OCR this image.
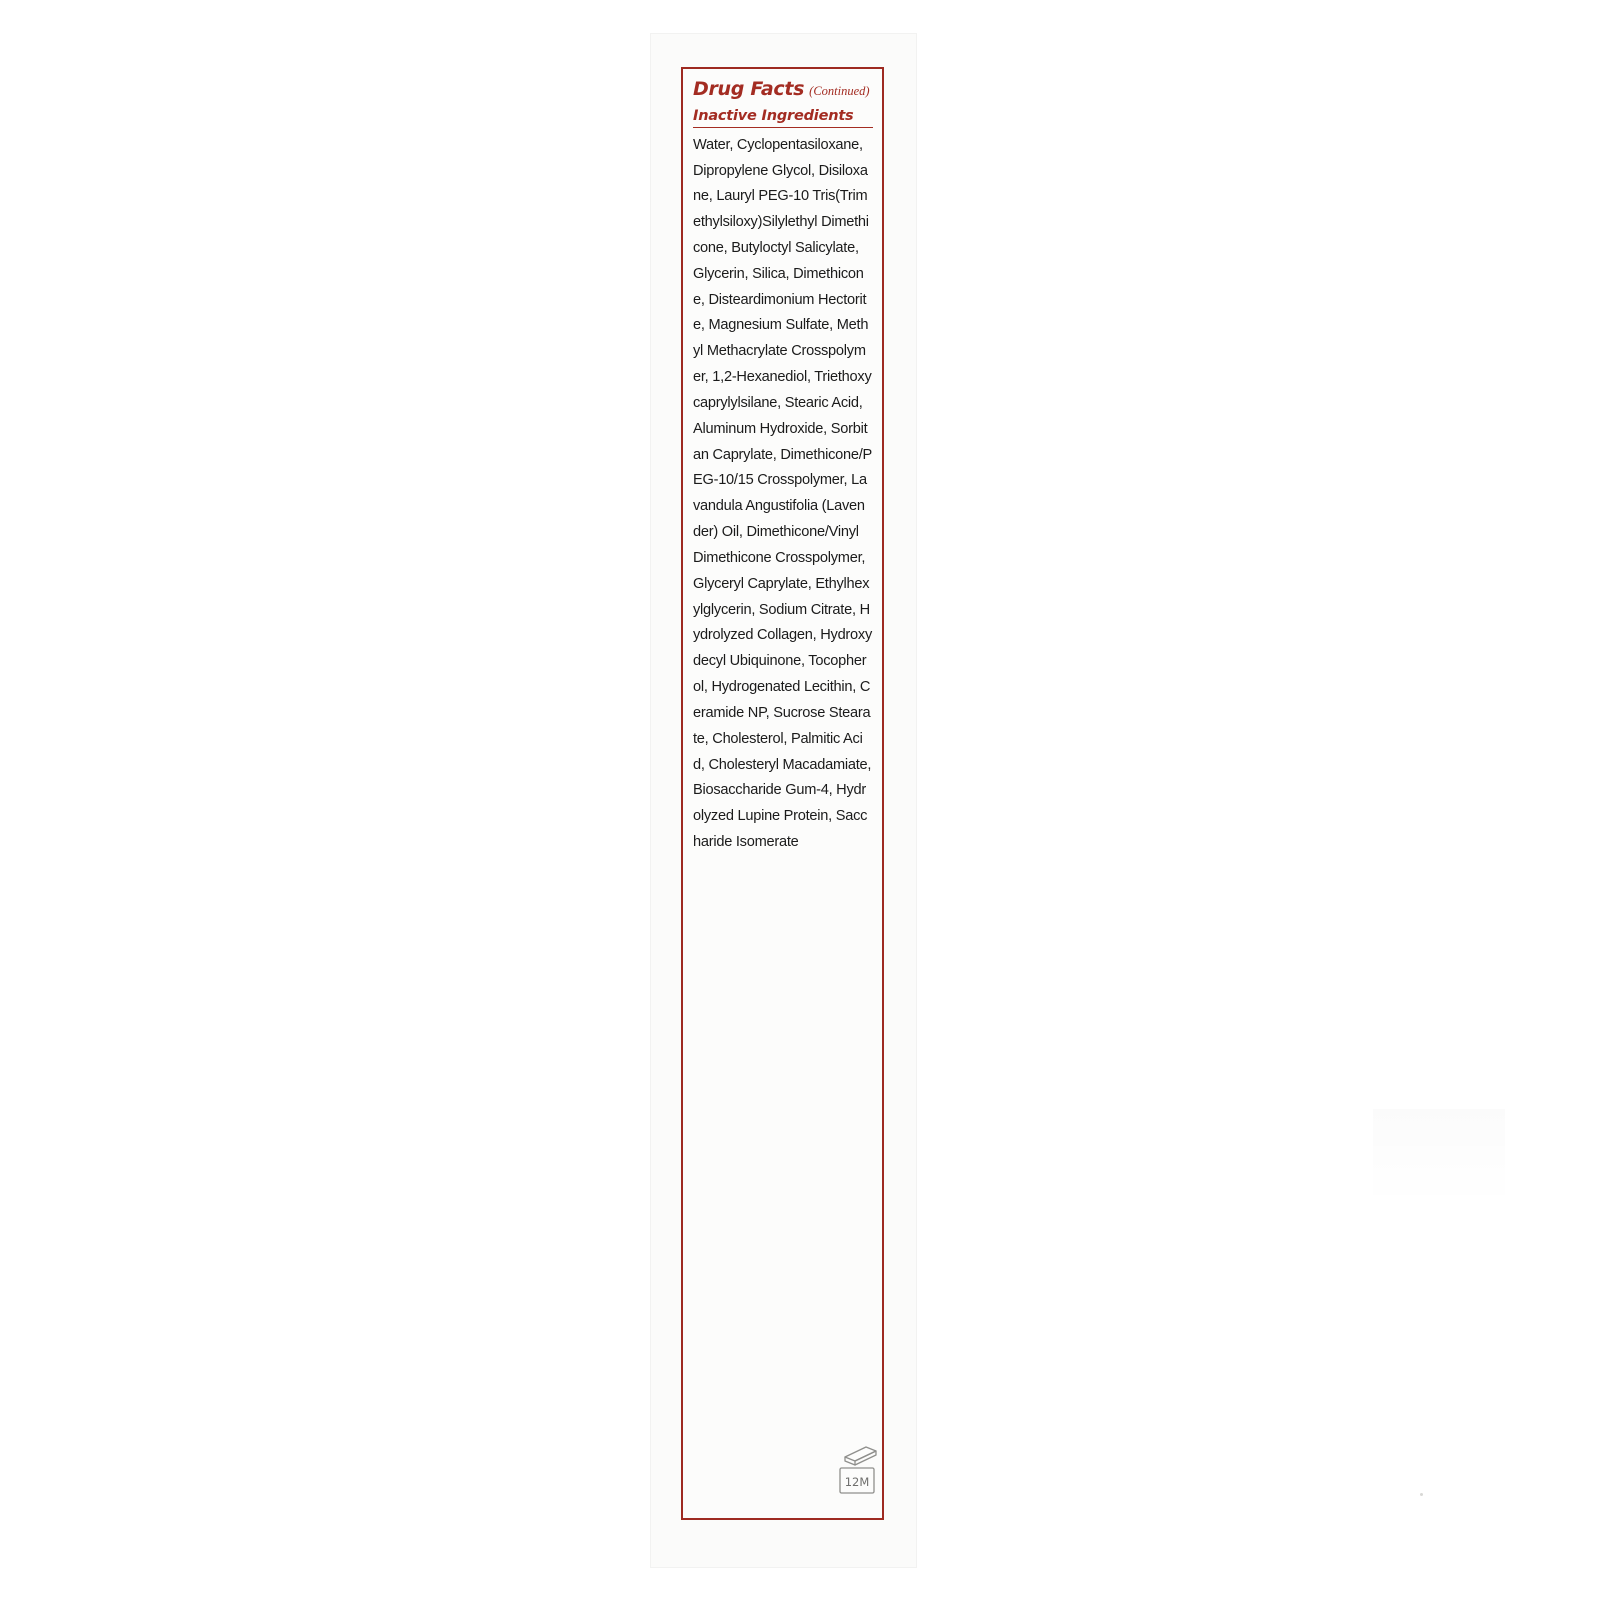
Drug Facts (Continued)
Inactive Ingredients
Water, Cyclopentasiloxane, Dipropylene Glycol, Disiloxane, Lauryl PEG-10 Tris(Trimethylsiloxy)Silylethyl Dimethicone, Butyloctyl Salicylate, Glycerin, Silica, Dimethicone, Disteardimonium Hectorite, Magnesium Sulfate, Methyl Methacrylate Crosspolymer, 1,2-Hexanediol, Triethoxycaprylylsilane, Stearic Acid, Aluminum Hydroxide, Sorbitan Caprylate, Dimethicone/PEG-10/15 Crosspolymer, Lavandula Angustifolia (Lavender) Oil, Dimethicone/Vinyl Dimethicone Crosspolymer, Glyceryl Caprylate, Ethylhexylglycerin, Sodium Citrate, Hydrolyzed Collagen, Hydroxydecyl Ubiquinone, Tocopherol, Hydrogenated Lecithin, Ceramide NP, Sucrose Stearate, Cholesterol, Palmitic Acid, Cholesteryl Macadamiate, Biosaccharide Gum-4, Hydrolyzed Lupine Protein, Saccharide Isomerate
12M
